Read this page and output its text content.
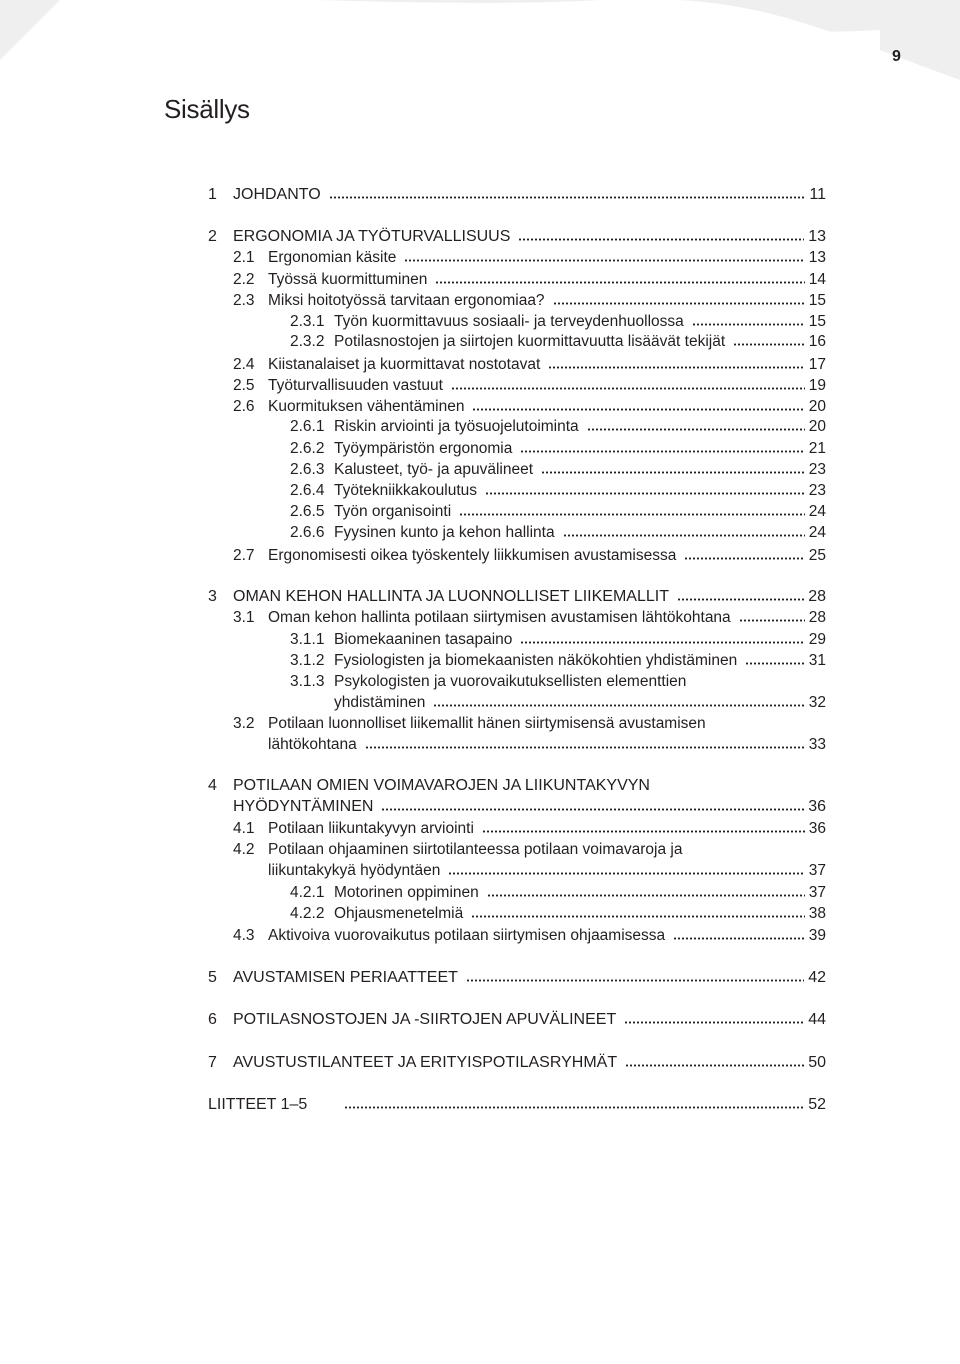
9
Sisällys
1 JOHDANTO	11
2 ERGONOMIA JA TYÖTURVALLISUUS	13
2.1 Ergonomian käsite	13
2.2 Työssä kuormittuminen	14
2.3 Miksi hoitotyössä tarvitaan ergonomiaa?	15
2.3.1 Työn kuormittavuus sosiaali- ja terveydenhuollossa	15
2.3.2 Potilasnostojen ja siirtojen kuormittavuutta lisäävät tekijät	16
2.4 Kiistanalaiset ja kuormittavat nostotavat	17
2.5 Työturvallisuuden vastuut	19
2.6 Kuormituksen vähentäminen	20
2.6.1 Riskin arviointi ja työsuojelutoiminta	20
2.6.2 Työympäristön ergonomia	21
2.6.3 Kalusteet, työ- ja apuvälineet	23
2.6.4 Työtekniikkakoulutus	23
2.6.5 Työn organisointi	24
2.6.6 Fyysinen kunto ja kehon hallinta	24
2.7 Ergonomisesti oikea työskentely liikkumisen avustamisessa	25
3 OMAN KEHON HALLINTA JA LUONNOLLISET LIIKEMALLIT	28
3.1 Oman kehon hallinta potilaan siirtymisen avustamisen lähtökohtana	28
3.1.1 Biomekaaninen tasapaino	29
3.1.2 Fysiologisten ja biomekaanisten näkökohtien yhdistäminen	31
3.1.3 Psykologisten ja vuorovaikutuksellisten elementtien
yhdistäminen	32
3.2 Potilaan luonnolliset liikemallit hänen siirtymisensä avustamisen
lähtökohtana	33
4 POTILAAN OMIEN VOIMAVAROJEN JA LIIKUNTAKYVYN
HYÖDYNTÄMINEN	36
4.1 Potilaan liikuntakyvyn arviointi	36
4.2 Potilaan ohjaaminen siirtotilanteessa potilaan voimavaroja ja
liikuntakykyä hyödyntäen	37
4.2.1 Motorinen oppiminen	37
4.2.2 Ohjausmenetelmiä	38
4.3 Aktivoiva vuorovaikutus potilaan siirtymisen ohjaamisessa	39
5 AVUSTAMISEN PERIAATTEET	42
6 POTILASNOSTOJEN JA -SIIRTOJEN APUVÄLINEET	44
7 AVUSTUSTILANTEET JA ERITYISPOTILASRYHMÄT	50
LIITTEET 1–5	52
